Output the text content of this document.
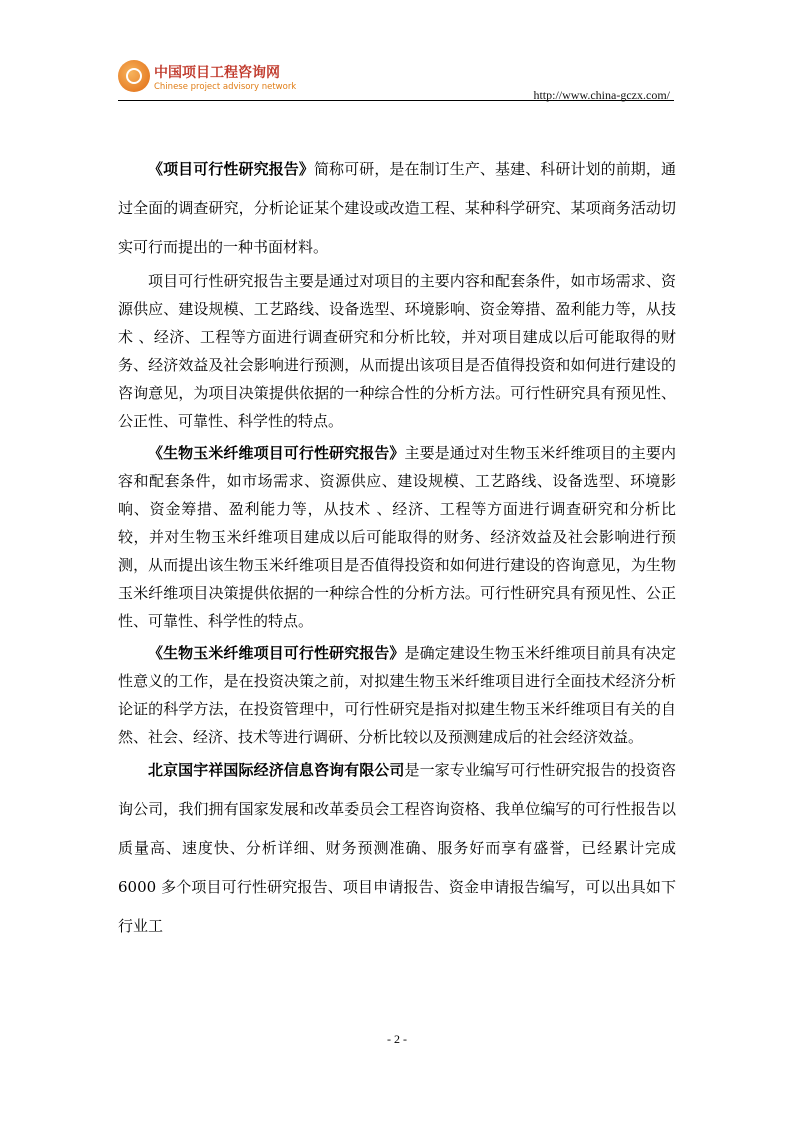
中国项目工程咨询网
Chinese project advisory network
http://www.china-gczx.com/

《项目可行性研究报告》简称可研，是在制订生产、基建、科研计划的前期，通过全面的调查研究，分析论证某个建设或改造工程、某种科学研究、某项商务活动切实可行而提出的一种书面材料。

项目可行性研究报告主要是通过对项目的主要内容和配套条件，如市场需求、资源供应、建设规模、工艺路线、设备选型、环境影响、资金筹措、盈利能力等，从技术 、经济、工程等方面进行调查研究和分析比较，并对项目建成以后可能取得的财务、经济效益及社会影响进行预测，从而提出该项目是否值得投资和如何进行建设的咨询意见，为项目决策提供依据的一种综合性的分析方法。可行性研究具有预见性、公正性、可靠性、科学性的特点。

《生物玉米纤维项目可行性研究报告》主要是通过对生物玉米纤维项目的主要内容和配套条件，如市场需求、资源供应、建设规模、工艺路线、设备选型、环境影响、资金筹措、盈利能力等，从技术 、经济、工程等方面进行调查研究和分析比较，并对生物玉米纤维项目建成以后可能取得的财务、经济效益及社会影响进行预测，从而提出该生物玉米纤维项目是否值得投资和如何进行建设的咨询意见，为生物玉米纤维项目决策提供依据的一种综合性的分析方法。可行性研究具有预见性、公正性、可靠性、科学性的特点。

《生物玉米纤维项目可行性研究报告》是确定建设生物玉米纤维项目前具有决定性意义的工作，是在投资决策之前，对拟建生物玉米纤维项目进行全面技术经济分析论证的科学方法，在投资管理中，可行性研究是指对拟建生物玉米纤维项目有关的自然、社会、经济、技术等进行调研、分析比较以及预测建成后的社会经济效益。

北京国宇祥国际经济信息咨询有限公司是一家专业编写可行性研究报告的投资咨询公司，我们拥有国家发展和改革委员会工程咨询资格、我单位编写的可行性报告以质量高、速度快、分析详细、财务预测准确、服务好而享有盛誉，已经累计完成6000 多个项目可行性研究报告、项目申请报告、资金申请报告编写，可以出具如下行业工

- 2 -
